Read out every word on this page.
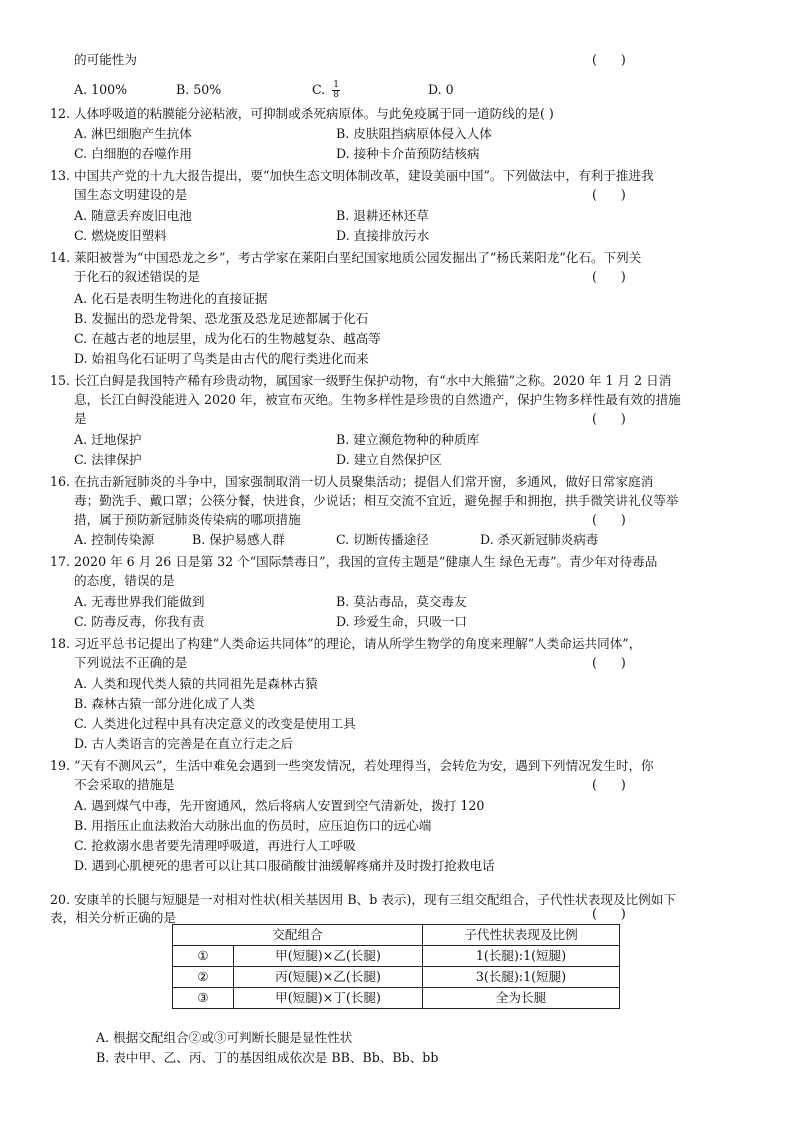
的可能性为	(      )
A. 100%	B. 50%	C. $\frac{1}{8}$	D. 0
12. 人体呼吸道的粘膜能分泌粘液，可抑制或杀死病原体。与此免疫属于同一道防线的是( )
A. 淋巴细胞产生抗体	B. 皮肤阻挡病原体侵入人体
C. 白细胞的吞噬作用	D. 接种卡介苗预防结核病
13. 中国共产党的十九大报告提出，要“加快生态文明体制改革，建设美丽中国”。下列做法中，有利于推进我
国生态文明建设的是	(      )
A. 随意丢弃废旧电池	B. 退耕还林还草
C. 燃烧废旧塑料	D. 直接排放污水
14. 莱阳被誉为“中国恐龙之乡”，考古学家在莱阳白垩纪国家地质公园发掘出了“杨氏莱阳龙”化石。下列关
于化石的叙述错误的是	(      )
A. 化石是表明生物进化的直接证据
B. 发掘出的恐龙骨架、恐龙蛋及恐龙足迹都属于化石
C. 在越古老的地层里，成为化石的生物越复杂、越高等
D. 始祖鸟化石证明了鸟类是由古代的爬行类进化而来
15. 长江白鲟是我国特产稀有珍贵动物，属国家一级野生保护动物，有“水中大熊猫”之称。2020 年 1 月 2 日消
息，长江白鲟没能进入 2020 年，被宣布灭绝。生物多样性是珍贵的自然遗产，保护生物多样性最有效的措施
是	(      )
A. 迁地保护	B. 建立濒危物种的种质库
C. 法律保护	D. 建立自然保护区
16. 在抗击新冠肺炎的斗争中，国家强制取消一切人员聚集活动；提倡人们常开窗，多通风，做好日常家庭消
毒；勤洗手、戴口罩；公筷分餐，快进食，少说话；相互交流不宜近，避免握手和拥抱，拱手微笑讲礼仪等举
措，属于预防新冠肺炎传染病的哪项措施	(      )
A. 控制传染源	B. 保护易感人群	C. 切断传播途径	D. 杀灭新冠肺炎病毒
17. 2020 年 6 月 26 日是第 32 个“国际禁毒日”，我国的宣传主题是“健康人生 绿色无毒”。青少年对待毒品
的态度，错误的是
A. 无毒世界我们能做到	B. 莫沾毒品，莫交毒友
C. 防毒反毒，你我有责	D. 珍爱生命，只吸一口
18. 习近平总书记提出了构建“人类命运共同体”的理论，请从所学生物学的角度来理解“人类命运共同体”，
下列说法不正确的是	(      )
A. 人类和现代类人猿的共同祖先是森林古猿
B. 森林古猿一部分进化成了人类
C. 人类进化过程中具有决定意义的改变是使用工具
D. 古人类语言的完善是在直立行走之后
19. “天有不测风云”，生活中难免会遇到一些突发情况，若处理得当，会转危为安，遇到下列情况发生时，你
不会采取的措施是	(      )
A. 遇到煤气中毒，先开窗通风，然后将病人安置到空气清新处，拨打 120
B. 用指压止血法救治大动脉出血的伤员时，应压迫伤口的远心端
C. 抢救溺水患者要先清理呼吸道，再进行人工呼吸
D. 遇到心肌梗死的患者可以让其口服硝酸甘油缓解疼痛并及时拨打抢救电话
20. 安康羊的长腿与短腿是一对相对性状(相关基因用 B、b 表示)，现有三组交配组合，子代性状表现及比例如下
表，相关分析正确的是	(      )
交配组合		子代性状表现及比例
①	甲(短腿)×乙(长腿)	1(长腿):1(短腿)
②	丙(短腿)×乙(长腿)	3(长腿):1(短腿)
③	甲(短腿)×丁(长腿)	全为长腿
A. 根据交配组合②或③可判断长腿是显性性状
B. 表中甲、乙、丙、丁的基因组成依次是 BB、Bb、Bb、bb
